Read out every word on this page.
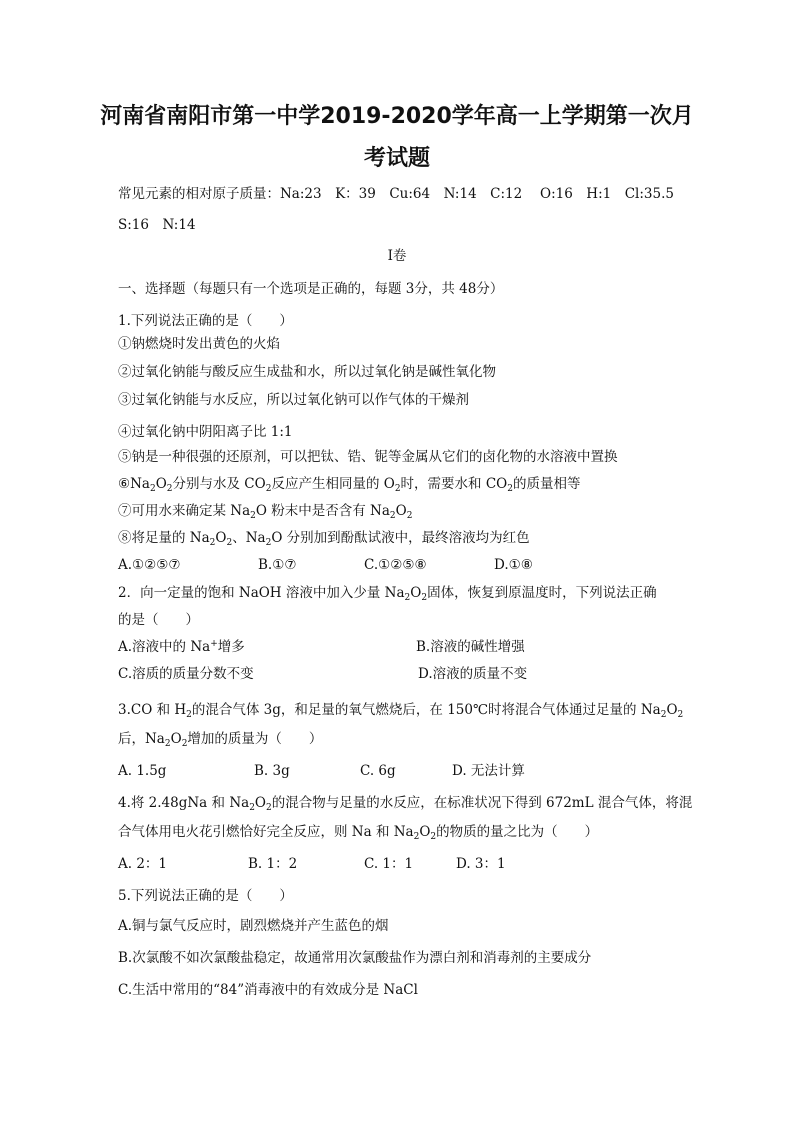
河南省南阳市第一中学2019-2020学年高一上学期第一次月
考试题
常见元素的相对原子质量：Na:23　K：39　Cu:64　N:14　C:12　 O:16　H:1　Cl:35.5
S:16　N:14
I卷
一、选择题（每题只有一个选项是正确的，每题 3分，共 48分）
1.下列说法正确的是（　　）
①钠燃烧时发出黄色的火焰
②过氧化钠能与酸反应生成盐和水，所以过氧化钠是碱性氧化物
③过氧化钠能与水反应，所以过氧化钠可以作气体的干燥剂
④过氧化钠中阴阳离子比 1:1
⑤钠是一种很强的还原剂，可以把钛、锆、铌等金属从它们的卤化物的水溶液中置换
$⑥Na_2O_2$分别与水及 $CO_2$反应产生相同量的 $O_2$时，需要水和 $CO_2$的质量相等
⑦可用水来确定某 $Na_2O$ 粉末中是否含有 $Na_2O_2$
⑧将足量的 $Na_2O_2$、$Na_2O$ 分别加到酚酞试液中，最终溶液均为红色
A.①②⑤⑦	B.①⑦	C.①②⑤⑧	D.①⑧
2．向一定量的饱和 NaOH 溶液中加入少量 $Na_2O_2$固体，恢复到原温度时，下列说法正确
的是（　　）
A.溶液中的 Na+增多	B.溶液的碱性增强
C.溶质的质量分数不变	D.溶液的质量不变
3.CO 和 $H_2$的混合气体 3g，和足量的氧气燃烧后，在 150℃时将混合气体通过足量的 $Na_2O_2$
后，$Na_2O_2$增加的质量为（　　）
A. 1.5g	B. 3g	C. 6g	D. 无法计算
4.将 2.48gNa 和 $Na_2O_2$的混合物与足量的水反应，在标准状况下得到 672mL 混合气体，将混
合气体用电火花引燃恰好完全反应，则 Na 和 $Na_2O_2$的物质的量之比为（　　）
A. 2：1	B. 1：2	C. 1：1	D. 3：1
5.下列说法正确的是（　　）
A.铜与氯气反应时，剧烈燃烧并产生蓝色的烟
B.次氯酸不如次氯酸盐稳定，故通常用次氯酸盐作为漂白剂和消毒剂的主要成分
C.生活中常用的“84”消毒液中的有效成分是 NaCl
